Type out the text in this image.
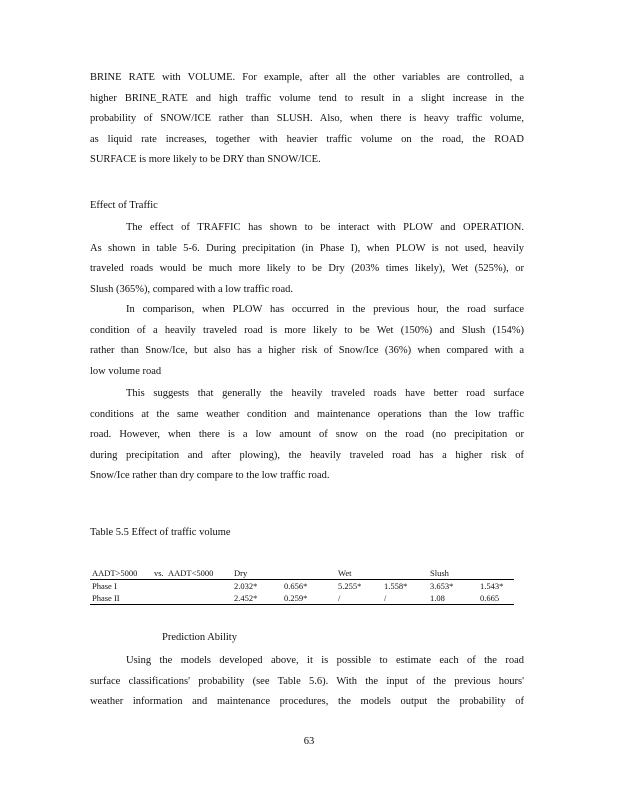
BRINE RATE with VOLUME. For example, after all the other variables are controlled, a
higher BRINE_RATE and high traffic volume tend to result in a slight increase in the
probability of SNOW/ICE rather than SLUSH. Also, when there is heavy traffic volume,
as liquid rate increases, together with heavier traffic volume on the road, the ROAD
SURFACE is more likely to be DRY than SNOW/ICE.
Effect of Traffic
The effect of TRAFFIC has shown to be interact with PLOW and OPERATION.
As shown in table 5-6. During precipitation (in Phase I), when PLOW is not used, heavily
traveled roads would be much more likely to be Dry (203% times likely), Wet (525%), or
Slush (365%), compared with a low traffic road.
In comparison, when PLOW has occurred in the previous hour, the road surface
condition of a heavily traveled road is more likely to be Wet (150%) and Slush (154%)
rather than Snow/Ice, but also has a higher risk of Snow/Ice (36%) when compared with a
low volume road
This suggests that generally the heavily traveled roads have better road surface
conditions at the same weather condition and maintenance operations than the low traffic
road. However, when there is a low amount of snow on the road (no precipitation or
during precipitation and after plowing), the heavily traveled road has a higher risk of
Snow/Ice rather than dry compare to the low traffic road.
Table 5.5 Effect of traffic volume
AADT>5000	vs.	AADT<5000	Dry		Wet		Slush	
Phase I			2.032*	0.656*	5.255*	1.558*	3.653*	1.543*
Phase II			2.452*	0.259*	/	/	1.08	0.665
Prediction Ability
Using the models developed above, it is possible to estimate each of the road
surface classifications' probability (see Table 5.6). With the input of the previous hours'
weather information and maintenance procedures, the models output the probability of
63
